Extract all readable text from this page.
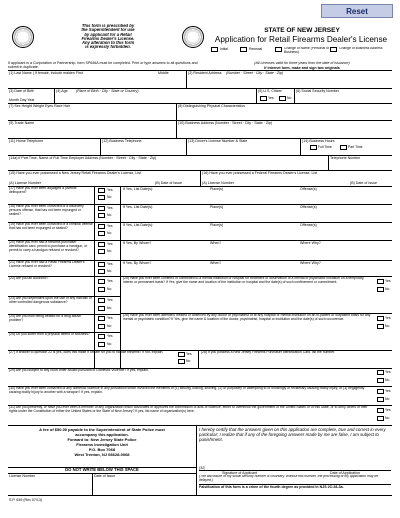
Reset
This form is prescribed by
the Superintendent for use
by applicant for a Retail
Firearms Dealer's License.
Any alteration to this form
is expressly forbidden.
STATE OF NEW JERSEY
Application for Retail Firearms Dealer's License
Initial	Renewal	Change of Name (Personal or Business)
Change of Business Address
If applicant is a Corporation or Partnership, form SP646A must be completed. Print or type answers to all questions and submit in duplicate.
(All Licenses valid for three years from the date of issuance)
If internet form, make and sign two originals
(1) Last Name ( If female, include maiden First	Middle	(2) Resident Address (Number · Street · City · State · Zip)
(3) Date of Birth
Month Day Year
(4) Age (Place of Birth · City · State or Country)	(5) U.S. Citizen
Yes	No
(6) Social Security Number
(7) Sex Height Weight Eyes Race Hair	(8) Distinguishing Physical Characteristics
(9) Trade Name	(10) Business Address (Number · Street · City · State · Zip)
(11) Home Telephone	(12) Business Telephone	(13) Driver's License Number & State	(14) Business Hours
Full Time	Part Time
(14a) If Part Time, Name of Full Time Employer Address (Number · Street · City · State · Zip)	Telephone Number
(15) Have you ever possessed a New Jersey Retail Firearms Dealer's License, List	(16) Have you ever possessed a Federal Firearms Dealer's License, List
(A) License Number	(B) Date of Issue	(A) License Number	(B) Date of Issue
(17) Have you ever been adjudged a juvenile delinquent?	Yes
No
If Yes, List Date(s):	Place(s)	Offense(s)
(18) Have you ever been convicted of a disorderly persons offense, that has not been expunged or sealed?
Yes
No
If Yes, List Date(s):	Place(s)	Offense(s)
(19) Have you ever been convicted of a criminal offense that has not been expunged or sealed?	Yes
No
If Yes, List Date(s):	Place(s)	Offense(s)
(20) Have you ever had a firearms purchaser identification card, permit to purchase a handgun, or permit to carry a handgun refused or revoked?
Yes
No
If Yes, By Whom?	When?	Where Why?
(21) Have you ever had a Retail Firearms Dealer's License refused or revoked?	Yes
No
If Yes, By Whom?	When?	Where Why?
(22) Are you an Alcoholic?
Yes
No
(23) Are you dependent upon the use of any narcotic or other controlled dangerous substance?	Yes
No
(24) Are you now being treated for a drug abuse problem?	Yes
No
(25) Do you suffer from a physical defect or sickness?	Yes
No
(25) Have you ever been confined or committed to a mental institution or hospital for treatment or observation of a mental or psychiatric condition on a temporary, interim or permanent basis? If Yes, give the name and location of the institution or hospital and the date(s) of such confinement or commitment.	Yes
No
(26) Have you ever been attended, treated or observed by any doctor or psychiatrist or at any hospital or mental institution on an in-patient or outpatient basis for any mental or psychiatric condition? If Yes, give the name & location of the doctor, psychiatrist, hospital or institution and the date(s) of such occurrence.	Yes
No
(27) If answer to question 22 is yes, does this make it unsafe for you to handle firearms? If not, explain.	Yes
No
(28) If you possess a New Jersey Firearms Purchaser Identification Card, list the number.
(29) Are you subject to any court order issued pursuant to Domestic Violence? If yes, explain.	Yes
No
(30) Have you ever been convicted of any domestic violence in any jurisdiction which involved the elements of (1) striking, kicking, shoving, (2) or purposely or attempting to or knowingly or recklessly causing bodily injury, or (3) negligently causing bodily injury to another with a weapon? If yes, explain.	Yes
No
(31) Are you presently, or have you ever been a member of any organization which advocates or approves the commission of acts of violence, either to overthrow the government of the United States or of this State, or to deny others of their rights under the Constitution of either the United States or the State of New Jersey? If yes, list name of organization(s) here:	Yes
No
A fee of $50.00 payable to the Superintendent of State Police must
accompany this application.
Forward to: New Jersey State Police
Firearms Investigation Unit
P.O. Box 7068
West Trenton, NJ 08628-0068
DO NOT WRITE BELOW THIS SPACE
License Number	Date of Issue
I hereby certify that the answers given on this application are complete, true and correct in every particular; I realize that if any of the foregoing answers made by me are false, I am subject to punishment.
(32)
Signature of Applicant	Date of Application
(The disclosure of my social security number is voluntary. Without this number, the processing of my application may be delayed.)
Falsification of this form is a crime of the fourth degree as provided in NJS 2C:28-3a.
S.P. 649 (Rev 07/13)
